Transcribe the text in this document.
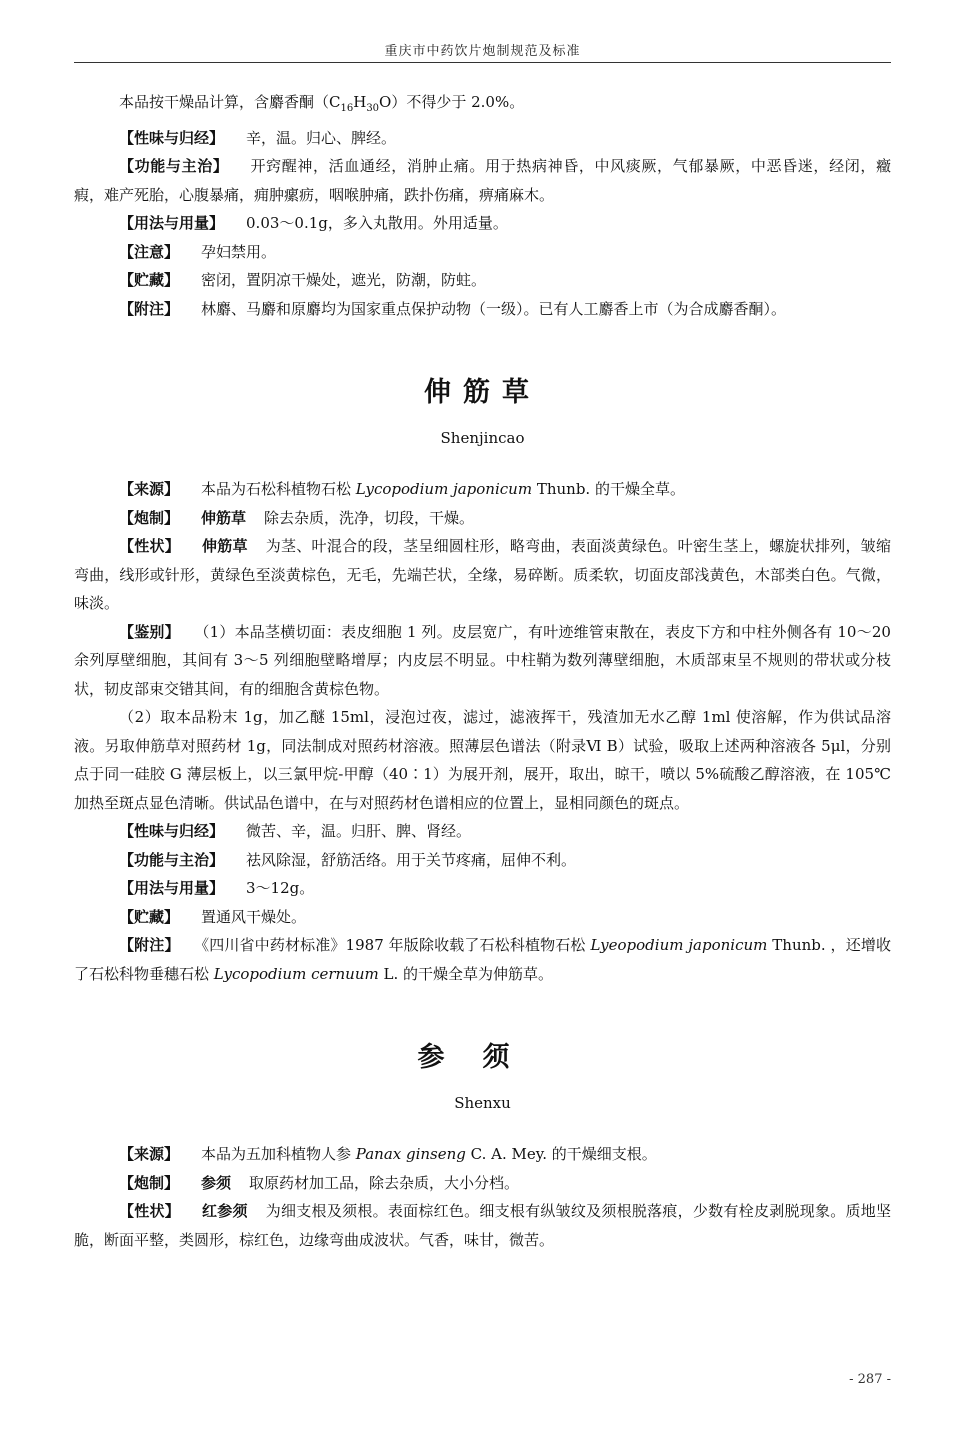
重庆市中药饮片炮制规范及标准

本品按干燥品计算，含麝香酮$(C_{16}H_{30}O)$不得少于 2.0%。

【性味与归经】 辛，温。归心、脾经。

【功能与主治】 开窍醒神，活血通经，消肿止痛。用于热病神昏，中风痰厥，气郁暴厥，中恶昏迷，经闭，癥瘕，难产死胎，心腹暴痛，痈肿瘰疬，咽喉肿痛，跌扑伤痛，痹痛麻木。

【用法与用量】 0.03～0.1g，多入丸散用。外用适量。

【注意】 孕妇禁用。

【贮藏】 密闭，置阴凉干燥处，遮光，防潮，防蛀。

【附注】 林麝、马麝和原麝均为国家重点保护动物（一级）。已有人工麝香上市（为合成麝香酮）。

伸筋草
Shenjincao

【来源】 本品为石松科植物石松 Lycopodium japonicum Thunb. 的干燥全草。

【炮制】 伸筋草 除去杂质，洗净，切段，干燥。

【性状】 伸筋草 为茎、叶混合的段，茎呈细圆柱形，略弯曲，表面淡黄绿色。叶密生茎上，螺旋状排列，皱缩弯曲，线形或针形，黄绿色至淡黄棕色，无毛，先端芒状，全缘，易碎断。质柔软，切面皮部浅黄色，木部类白色。气微，味淡。

【鉴别】 （1）本品茎横切面：表皮细胞 1 列。皮层宽广，有叶迹维管束散在，表皮下方和中柱外侧各有 10～20 余列厚壁细胞，其间有 3～5 列细胞壁略增厚；内皮层不明显。中柱鞘为数列薄壁细胞，木质部束呈不规则的带状或分枝状，韧皮部束交错其间，有的细胞含黄棕色物。

（2）取本品粉末 1g，加乙醚 15ml，浸泡过夜，滤过，滤液挥干，残渣加无水乙醇 1ml 使溶解，作为供试品溶液。另取伸筋草对照药材 1g，同法制成对照药材溶液。照薄层色谱法（附录Ⅵ B）试验，吸取上述两种溶液各 5μl，分别点于同一硅胶 G 薄层板上，以三氯甲烷-甲醇（40∶1）为展开剂，展开，取出，晾干，喷以 5%硫酸乙醇溶液，在 105℃加热至斑点显色清晰。供试品色谱中，在与对照药材色谱相应的位置上，显相同颜色的斑点。

【性味与归经】 微苦、辛，温。归肝、脾、肾经。

【功能与主治】 祛风除湿，舒筋活络。用于关节疼痛，屈伸不利。

【用法与用量】 3～12g。

【贮藏】 置通风干燥处。

【附注】 《四川省中药材标准》1987 年版除收载了石松科植物石松 Lyeopodium japonicum Thunb. ，还增收了石松科物垂穗石松 Lycopodium cernuum L. 的干燥全草为伸筋草。

参须
Shenxu

【来源】 本品为五加科植物人参 Panax ginseng C. A. Mey. 的干燥细支根。

【炮制】 参须 取原药材加工品，除去杂质，大小分档。

【性状】 红参须 为细支根及须根。表面棕红色。细支根有纵皱纹及须根脱落痕，少数有栓皮剥脱现象。质地坚脆，断面平整，类圆形，棕红色，边缘弯曲成波状。气香，味甘，微苦。

- 287 -
